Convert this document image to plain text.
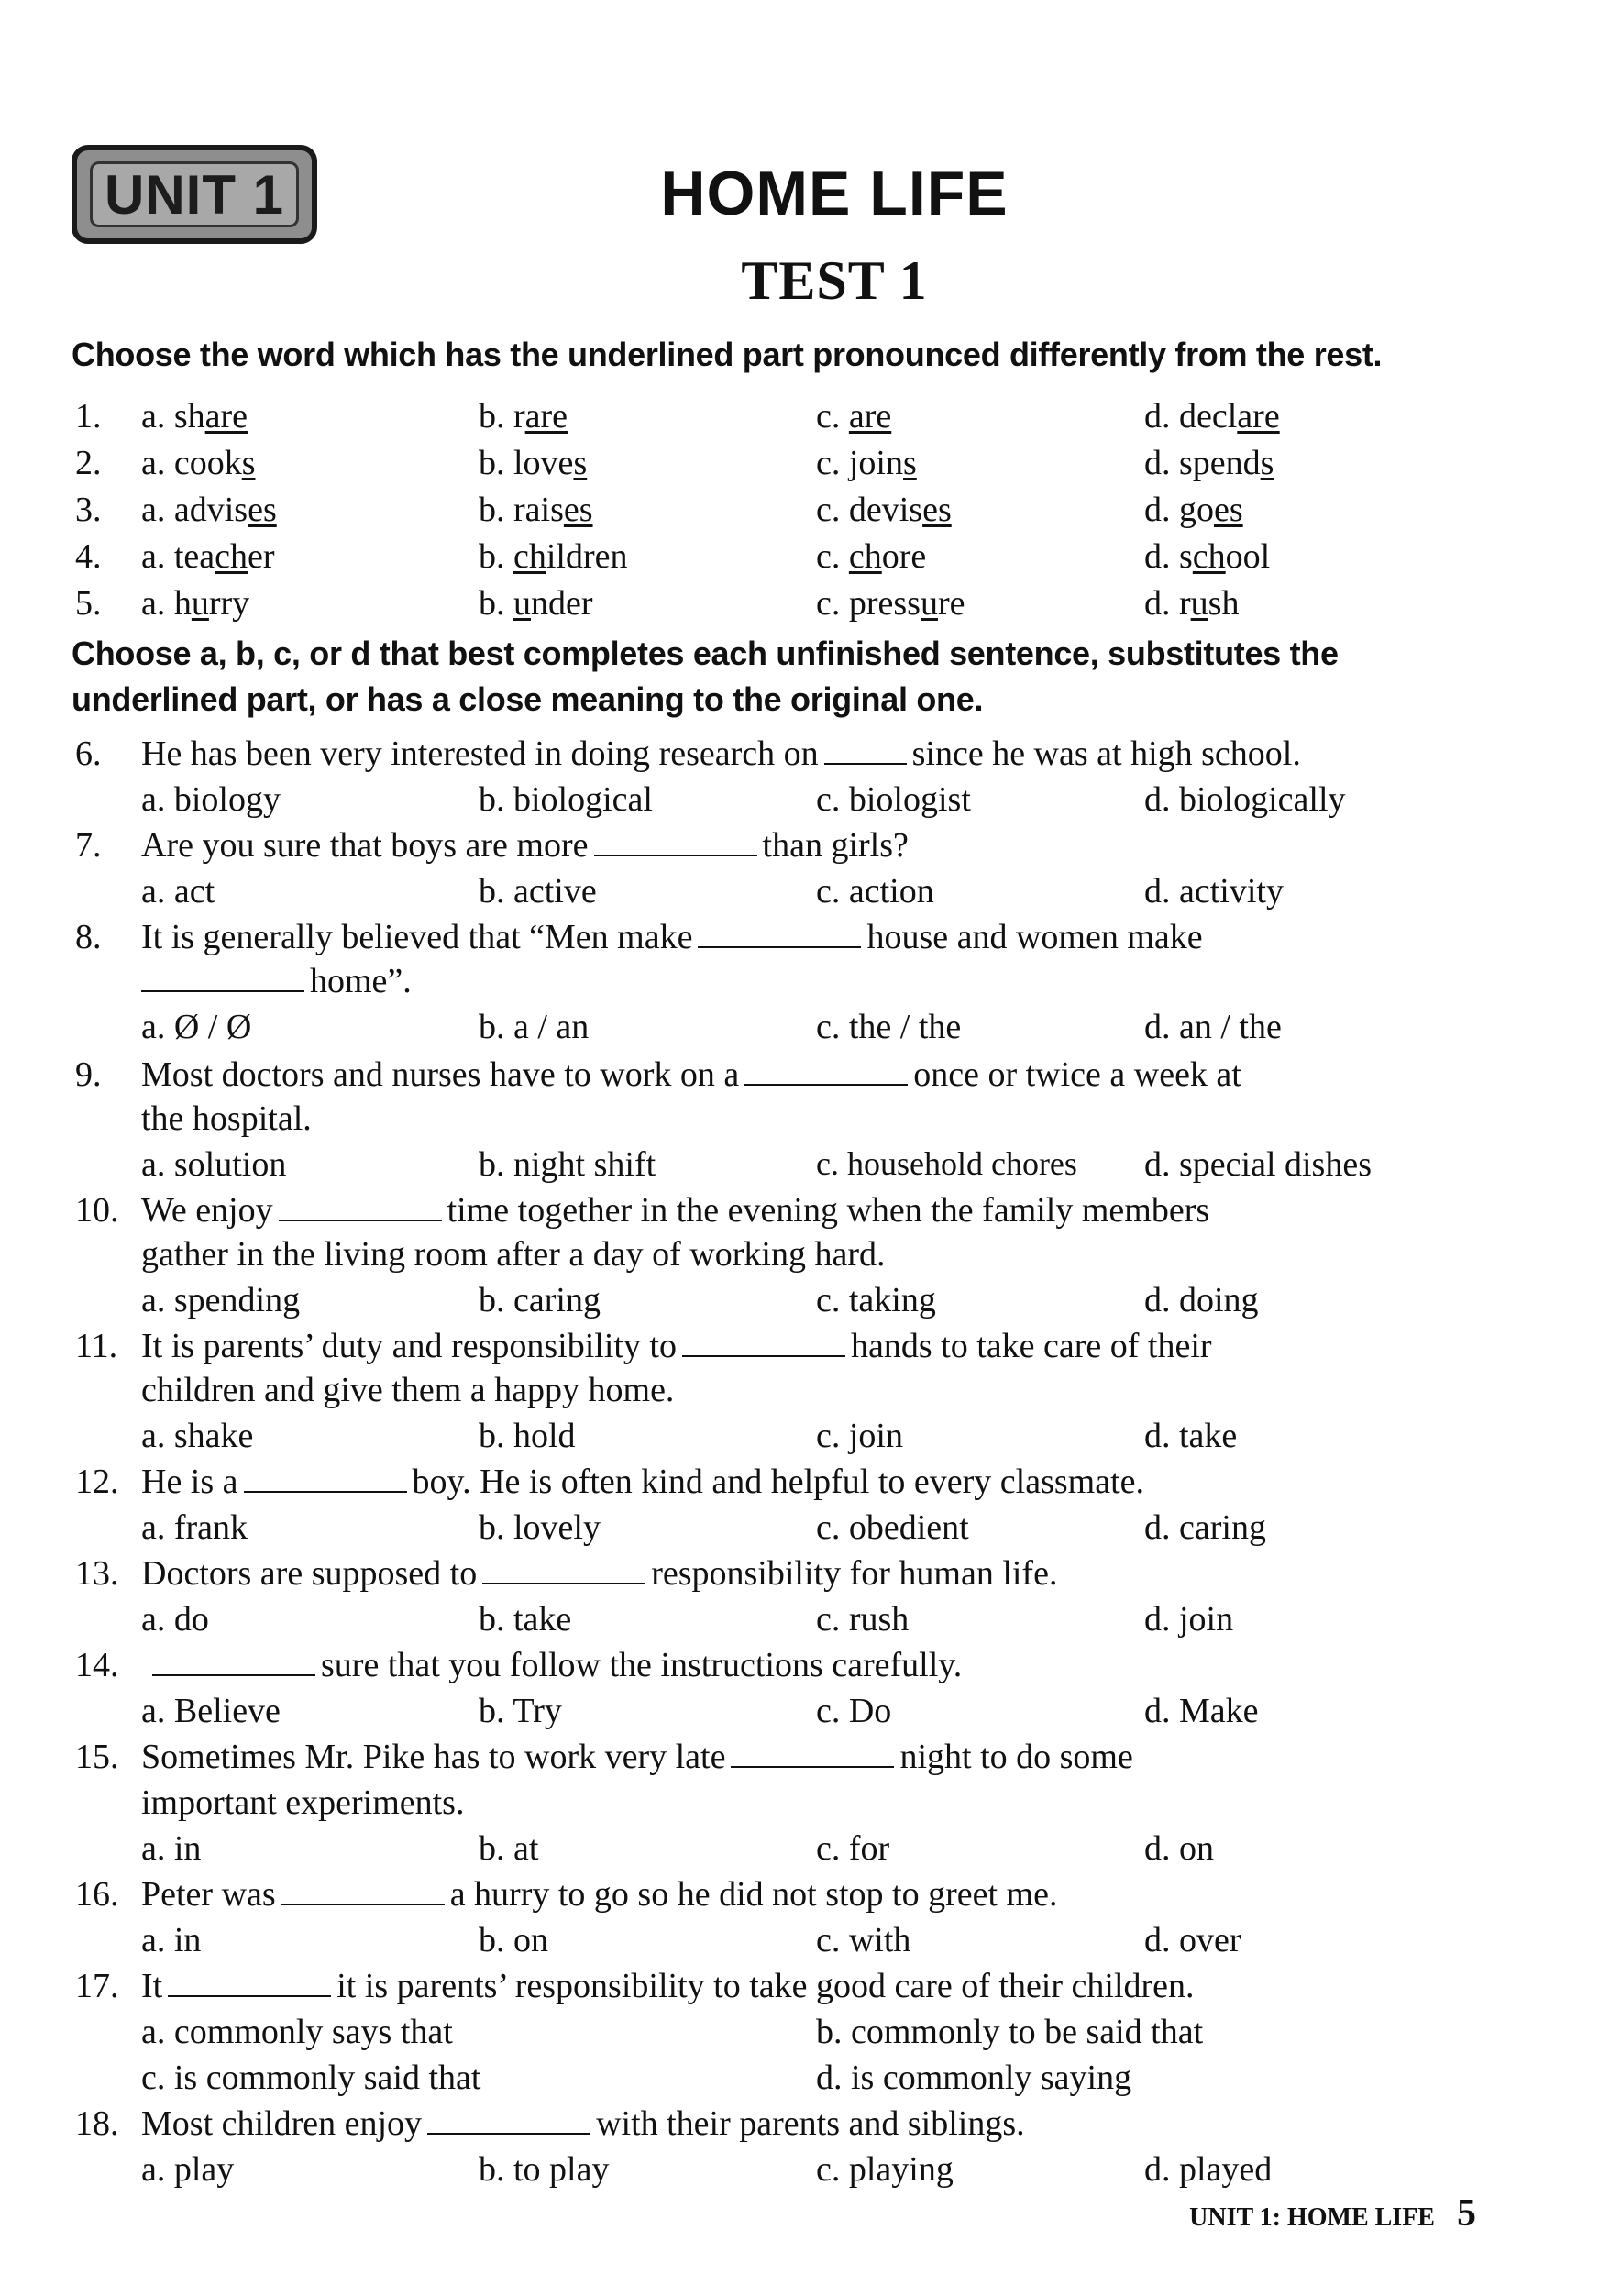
UNIT 1	HOME LIFE
TEST 1
Choose the word which has the underlined part pronounced differently from the rest.
1. a. share	b. rare	c. are	d. declare
2. a. cooks	b. loves	c. joins	d. spends
3. a. advises	b. raises	c. devises	d. goes
4. a. teacher	b. children	c. chore	d. school
5. a. hurry	b. under	c. pressure	d. rush
Choose a, b, c, or d that best completes each unfinished sentence, substitutes the underlined part, or has a close meaning to the original one.
6. He has been very interested in doing research on	since he was at high school.
a. biology	b. biological	c. biologist	d. biologically
7. Are you sure that boys are more	than girls?
a. act	b. active	c. action	d. activity
8. It is generally believed that “Men make	house and women make
home”.
a. Ø / Ø	b. a / an	c. the / the	d. an / the
9. Most doctors and nurses have to work on a	once or twice a week at
the hospital.
a. solution	b. night shift	c. household chores d. special dishes
10. We enjoy	time together in the evening when the family members
gather in the living room after a day of working hard.
a. spending	b. caring	c. taking	d. doing
11. It is parents’ duty and responsibility to	hands to take care of their
children and give them a happy home.
a. shake	b. hold	c. join	d. take
12. He is a	boy. He is often kind and helpful to every classmate.
a. frank	b. lovely	c. obedient	d. caring
13. Doctors are supposed to	responsibility for human life.
a. do	b. take	c. rush	d. join
14.	sure that you follow the instructions carefully.
a. Believe	b. Try	c. Do	d. Make
15. Sometimes Mr. Pike has to work very late	night to do some
important experiments.
a. in	b. at	c. for	d. on
16. Peter was	a hurry to go so he did not stop to greet me.
a. in	b. on	c. with	d. over
17. It	it is parents’ responsibility to take good care of their children.
a. commonly says that	b. commonly to be said that
c. is commonly said that	d. is commonly saying
18. Most children enjoy	with their parents and siblings.
a. play	b. to play	c. playing	d. played
UNIT 1: HOME LIFE 5
